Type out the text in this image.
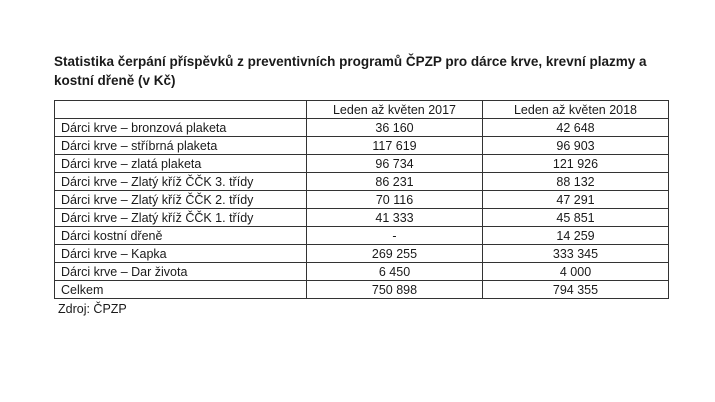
Statistika čerpání příspěvků z preventivních programů ČPZP pro dárce krve, krevní plazmy a kostní dřeně (v Kč)

	Leden až květen 2017	Leden až květen 2018
Dárci krve – bronzová plaketa	36 160	42 648
Dárci krve – stříbrná plaketa	117 619	96 903
Dárci krve – zlatá plaketa	96 734	121 926
Dárci krve – Zlatý kříž ČČK 3. třídy	86 231	88 132
Dárci krve – Zlatý kříž ČČK 2. třídy	70 116	47 291
Dárci krve – Zlatý kříž ČČK 1. třídy	41 333	45 851
Dárci kostní dřeně	-	14 259
Dárci krve – Kapka	269 255	333 345
Dárci krve – Dar života	6 450	4 000
Celkem	750 898	794 355
Zdroj: ČPZP
